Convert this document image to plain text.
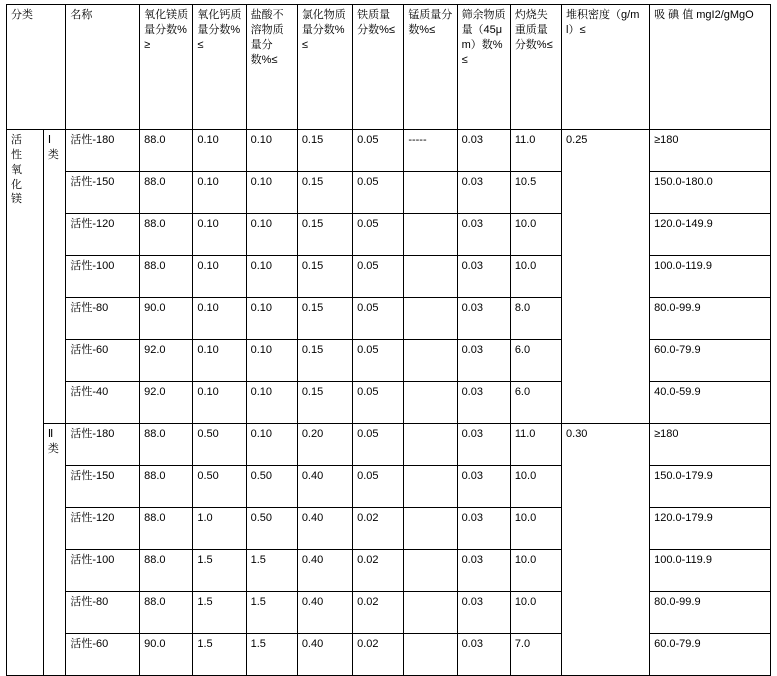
分类		名称	氧化镁质量分数%≥	氧化钙质量分数%≤	盐酸不溶物质量分数%≤	氯化物质量分数%≤	铁质量分数%≤	锰质量分数%≤	筛余物质量（45μm）数%≤	灼烧失重质量分数%≤	堆积密度（g/ml）≤	吸 碘 值 mgI2/gMgO

活
性
氧
化
镁	Ⅰ
类	活性-180	88.0	0.10	0.10	0.15	0.05	-----	0.03	11.0	0.25	≥180
		活性-150	88.0	0.10	0.10	0.15	0.05		0.03	10.5		150.0-180.0
		活性-120	88.0	0.10	0.10	0.15	0.05		0.03	10.0		120.0-149.9
		活性-100	88.0	0.10	0.10	0.15	0.05		0.03	10.0		100.0-119.9
		活性-80	90.0	0.10	0.10	0.15	0.05		0.03	8.0		80.0-99.9
		活性-60	92.0	0.10	0.10	0.15	0.05		0.03	6.0		60.0-79.9
		活性-40	92.0	0.10	0.10	0.15	0.05		0.03	6.0		40.0-59.9

	Ⅱ
类	活性-180	88.0	0.50	0.10	0.20	0.05		0.03	11.0	0.30	≥180
		活性-150	88.0	0.50	0.50	0.40	0.05		0.03	10.0		150.0-179.9
		活性-120	88.0	1.0	0.50	0.40	0.02		0.03	10.0		120.0-179.9
		活性-100	88.0	1.5	1.5	0.40	0.02		0.03	10.0		100.0-119.9
		活性-80	88.0	1.5	1.5	0.40	0.02		0.03	10.0		80.0-99.9
		活性-60	90.0	1.5	1.5	0.40	0.02		0.03	7.0		60.0-79.9
